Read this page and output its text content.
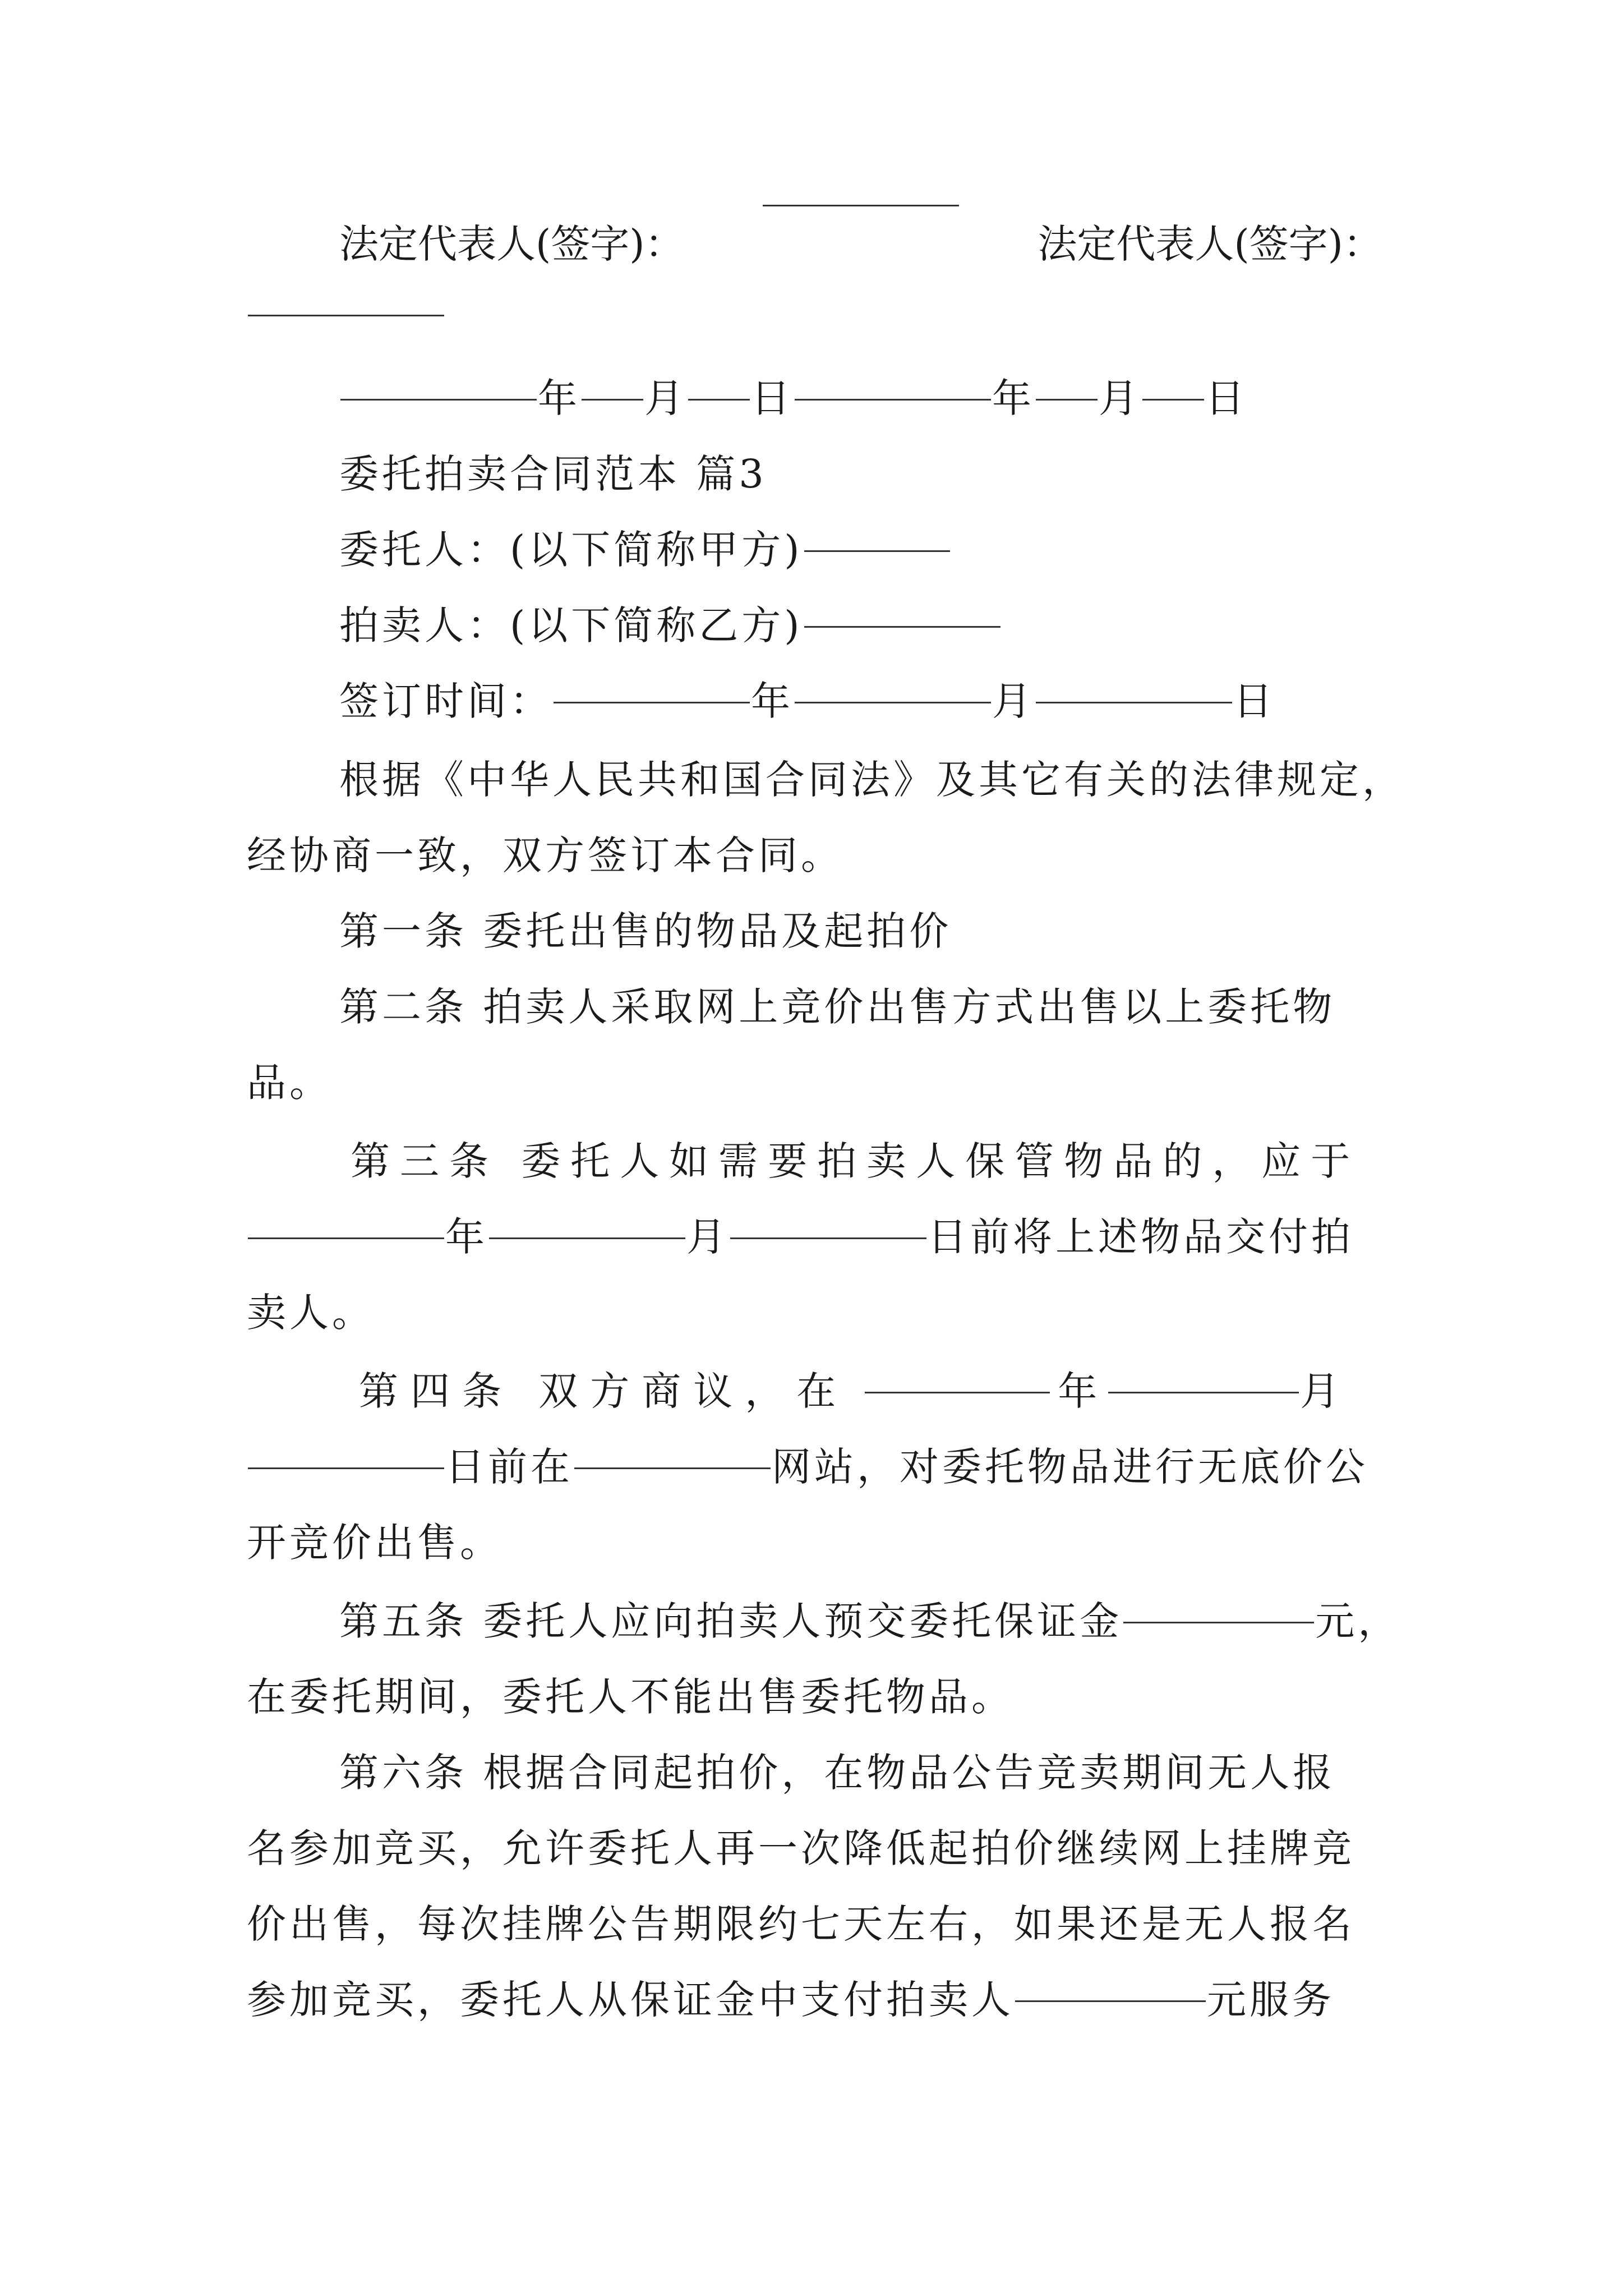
法定代表人(签字)：	法定代表人(签字)：
年 月 日	年 月 日
委托拍卖合同范本 篇3
委托人：(以下简称甲方)
拍卖人：(以下简称乙方)
签订时间：	年	月	日
根据《中华人民共和国合同法》及其它有关的法律规定，
经协商一致，双方签订本合同。
第一条 委托出售的物品及起拍价
第二条 拍卖人采取网上竞价出售方式出售以上委托物
品。
第三条 委托人如需要拍卖人保管物品的，应于
年	月	日前将上述物品交付拍
卖人。
第四条 双方商议，在	年	月
日前在	网站，对委托物品进行无底价公
开竞价出售。
第五条 委托人应向拍卖人预交委托保证金	元，
在委托期间，委托人不能出售委托物品。
第六条 根据合同起拍价，在物品公告竞卖期间无人报
名参加竞买，允许委托人再一次降低起拍价继续网上挂牌竞
价出售，每次挂牌公告期限约七天左右，如果还是无人报名
参加竞买，委托人从保证金中支付拍卖人	元服务
